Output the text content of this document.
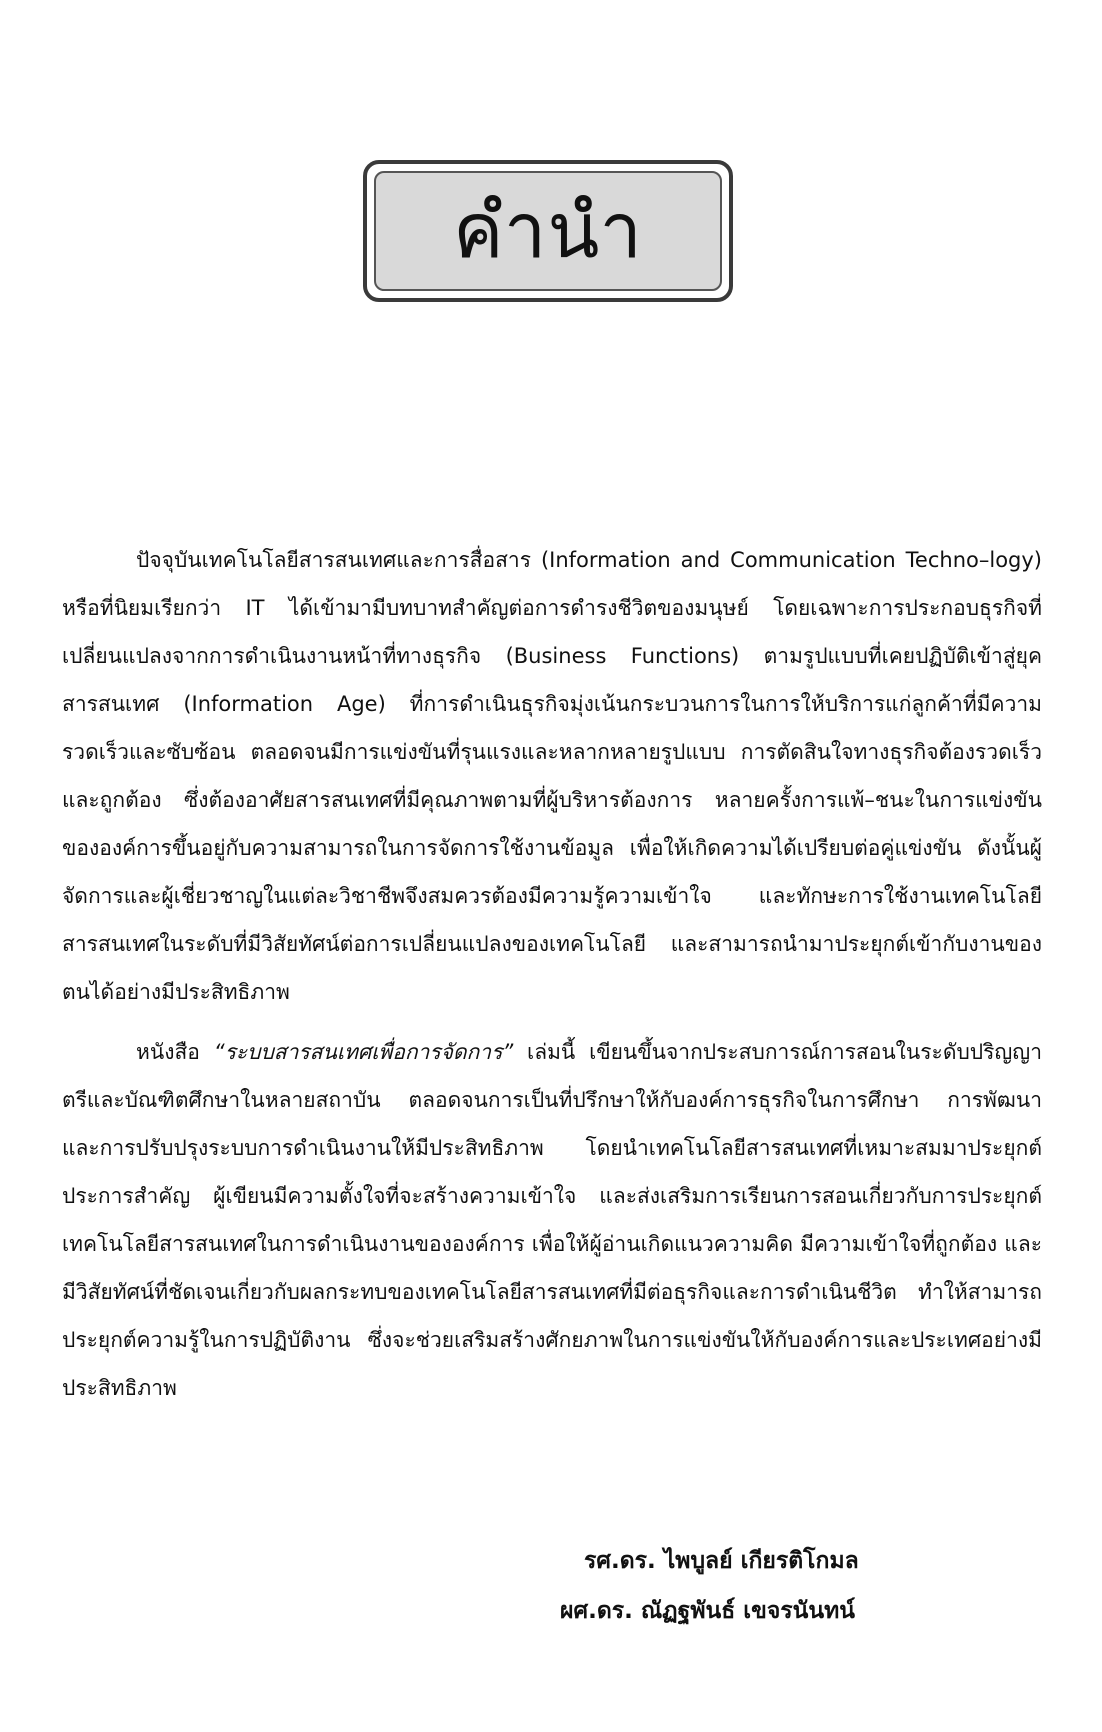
คำนำ

ปัจจุบันเทคโนโลยีสารสนเทศและการสื่อสาร (Information and Communication Techno–logy) หรือที่นิยมเรียกว่า IT ได้เข้ามามีบทบาทสำคัญต่อการดำรงชีวิตของมนุษย์ โดยเฉพาะการประกอบธุรกิจที่เปลี่ยนแปลงจากการดำเนินงานหน้าที่ทางธุรกิจ (Business Functions) ตามรูปแบบที่เคยปฏิบัติเข้าสู่ยุคสารสนเทศ (Information Age) ที่การดำเนินธุรกิจมุ่งเน้นกระบวนการในการให้บริการแก่ลูกค้าที่มีความรวดเร็วและซับซ้อน ตลอดจนมีการแข่งขันที่รุนแรงและหลากหลายรูปแบบ การตัดสินใจทางธุรกิจต้องรวดเร็วและถูกต้อง ซึ่งต้องอาศัยสารสนเทศที่มีคุณภาพตามที่ผู้บริหารต้องการ หลายครั้งการแพ้–ชนะในการแข่งขันขององค์การขึ้นอยู่กับความสามารถในการจัดการใช้งานข้อมูล เพื่อให้เกิดความได้เปรียบต่อคู่แข่งขัน ดังนั้นผู้จัดการและผู้เชี่ยวชาญในแต่ละวิชาชีพจึงสมควรต้องมีความรู้ความเข้าใจ และทักษะการใช้งานเทคโนโลยีสารสนเทศในระดับที่มีวิสัยทัศน์ต่อการเปลี่ยนแปลงของเทคโนโลยี และสามารถนำมาประยุกต์เข้ากับงานของตนได้อย่างมีประสิทธิภาพ

หนังสือ “ระบบสารสนเทศเพื่อการจัดการ” เล่มนี้ เขียนขึ้นจากประสบการณ์การสอนในระดับปริญญาตรีและบัณฑิตศึกษาในหลายสถาบัน ตลอดจนการเป็นที่ปรึกษาให้กับองค์การธุรกิจในการศึกษา การพัฒนา และการปรับปรุงระบบการดำเนินงานให้มีประสิทธิภาพ โดยนำเทคโนโลยีสารสนเทศที่เหมาะสมมาประยุกต์ ประการสำคัญ ผู้เขียนมีความตั้งใจที่จะสร้างความเข้าใจ และส่งเสริมการเรียนการสอนเกี่ยวกับการประยุกต์เทคโนโลยีสารสนเทศในการดำเนินงานขององค์การ เพื่อให้ผู้อ่านเกิดแนวความคิด มีความเข้าใจที่ถูกต้อง และมีวิสัยทัศน์ที่ชัดเจนเกี่ยวกับผลกระทบของเทคโนโลยีสารสนเทศที่มีต่อธุรกิจและการดำเนินชีวิต ทำให้สามารถประยุกต์ความรู้ในการปฏิบัติงาน ซึ่งจะช่วยเสริมสร้างศักยภาพในการแข่งขันให้กับองค์การและประเทศอย่างมีประสิทธิภาพ

รศ.ดร. ไพบูลย์ เกียรติโกมล
ผศ.ดร. ณัฏฐพันธ์ เขจรนันทน์
